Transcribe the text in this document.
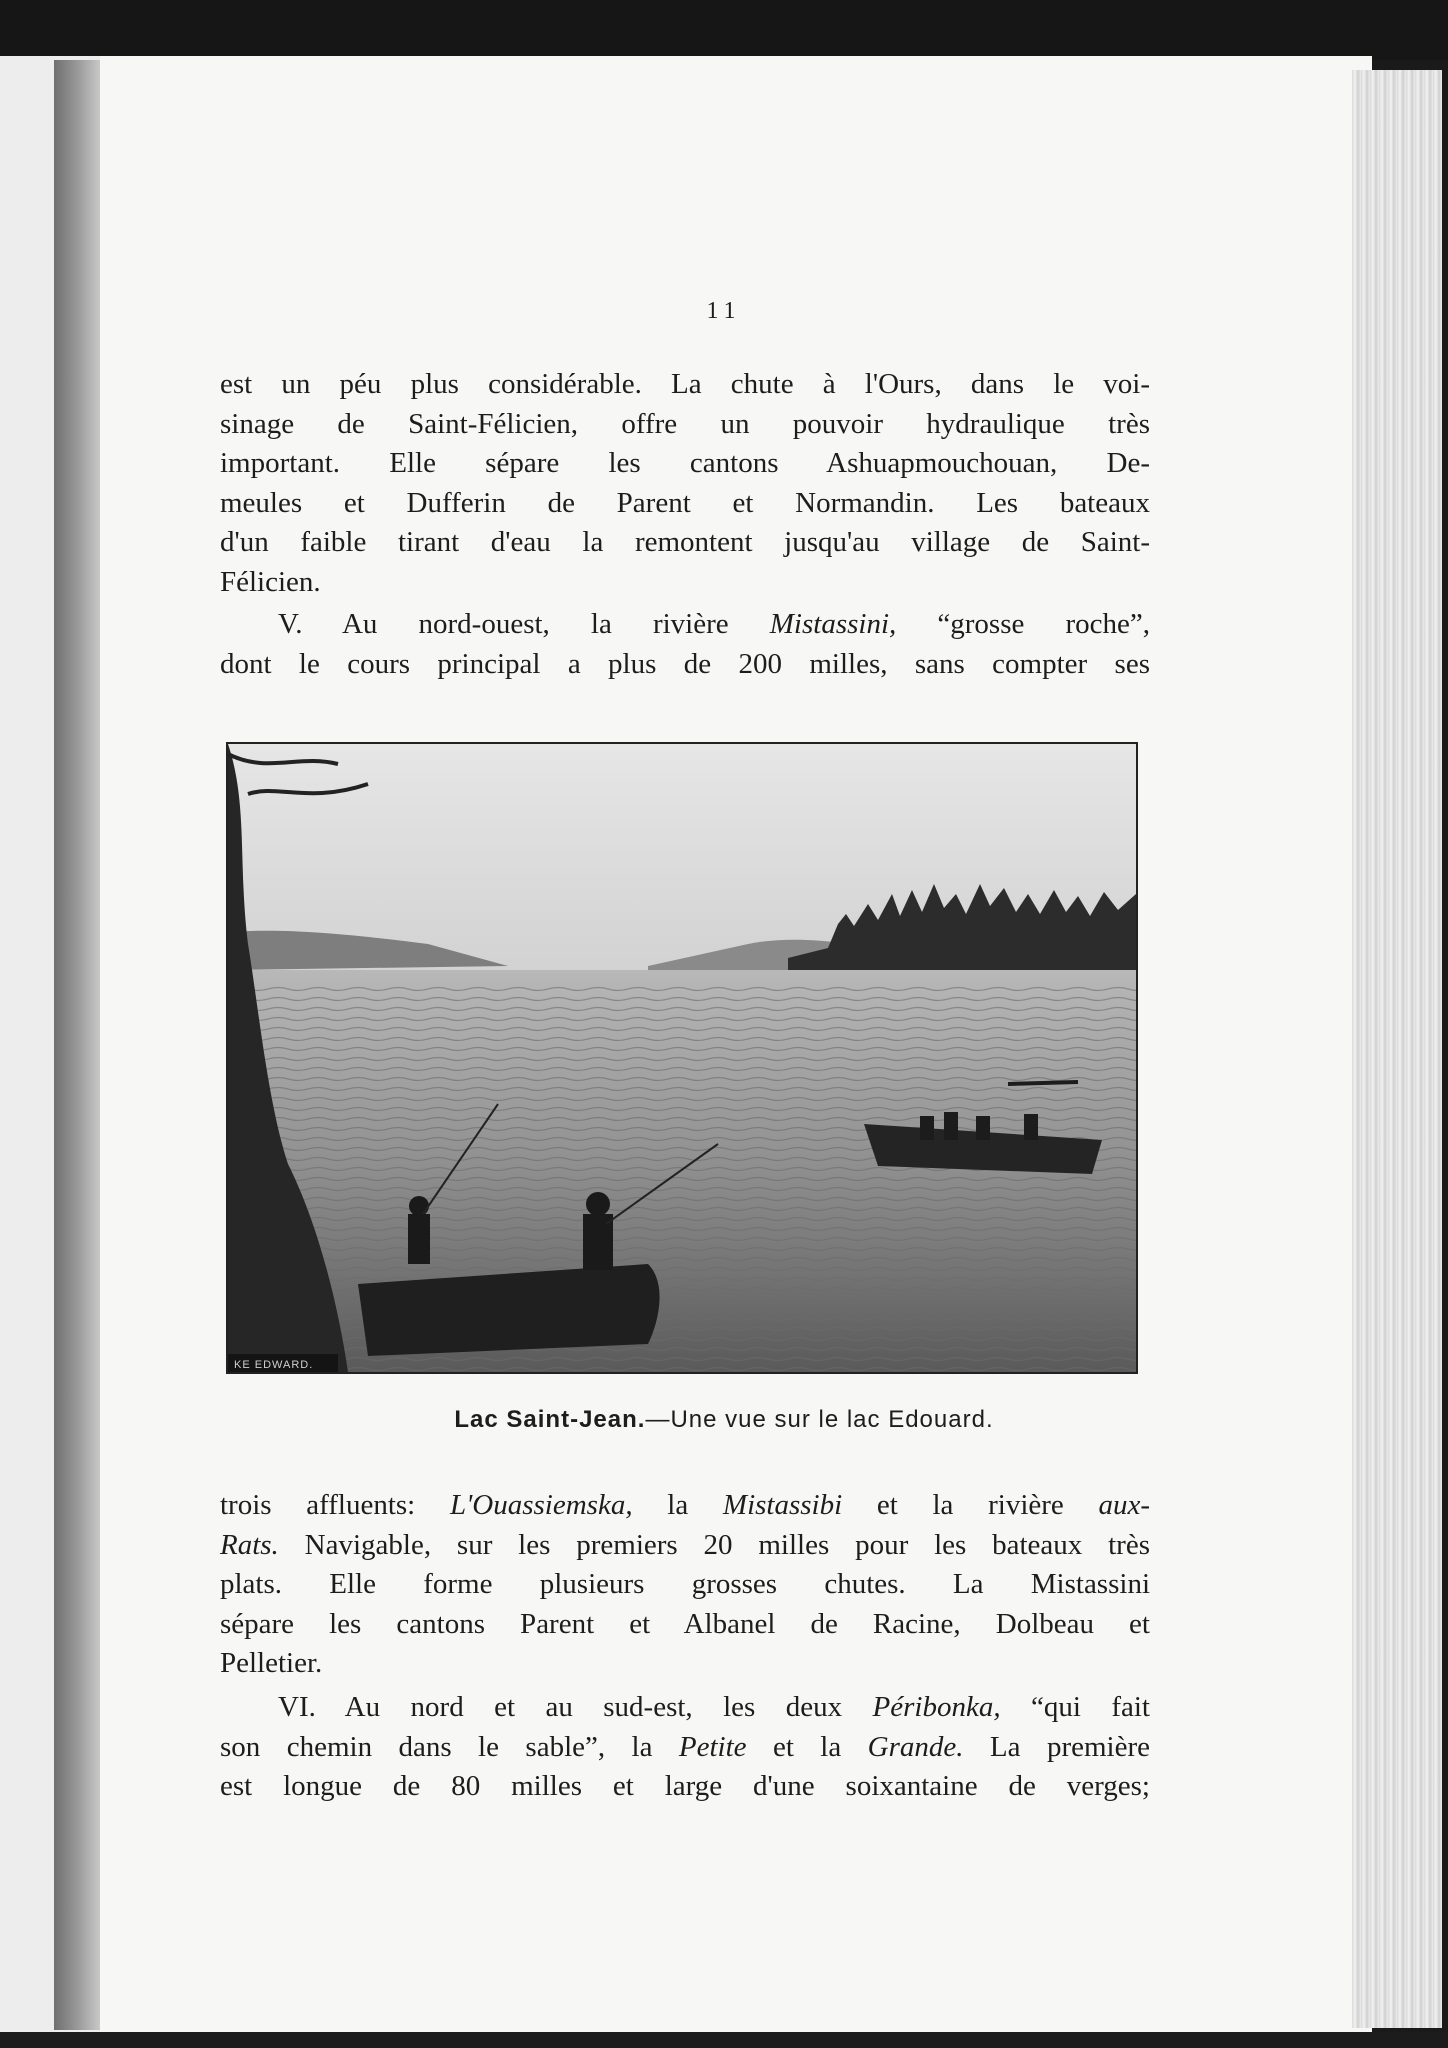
11

est un péu plus considérable. La chute à l'Ours, dans le voi-
sinage de Saint-Félicien, offre un pouvoir hydraulique très
important. Elle sépare les cantons Ashuapmouchouan, De-
meules et Dufferin de Parent et Normandin. Les bateaux
d'un faible tirant d'eau la remontent jusqu'au village de Saint-
Félicien.

V. Au nord-ouest, la rivière Mistassini, “grosse roche”,
dont le cours principal a plus de 200 milles, sans compter ses

KE EDWARD.
Lac Saint-Jean.—Une vue sur le lac Edouard.

trois affluents: L'Ouassiemska, la Mistassibi et la rivière aux-
Rats. Navigable, sur les premiers 20 milles pour les bateaux très
plats. Elle forme plusieurs grosses chutes. La Mistassini
sépare les cantons Parent et Albanel de Racine, Dolbeau et
Pelletier.

VI. Au nord et au sud-est, les deux Péribonka, “qui fait
son chemin dans le sable”, la Petite et la Grande. La première
est longue de 80 milles et large d'une soixantaine de verges;
